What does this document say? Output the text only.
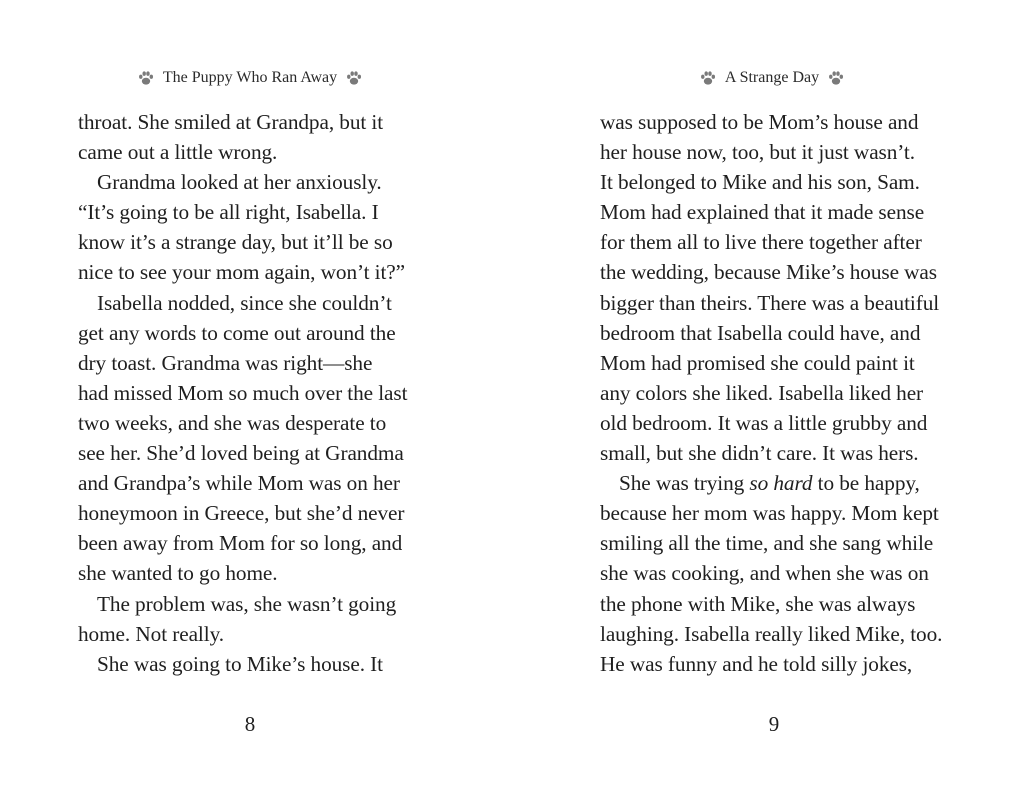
The Puppy Who Ran Away
throat. She smiled at Grandpa, but it
came out a little wrong.
Grandma looked at her anxiously.
“It’s going to be all right, Isabella. I
know it’s a strange day, but it’ll be so
nice to see your mom again, won’t it?”
Isabella nodded, since she couldn’t
get any words to come out around the
dry toast. Grandma was right—she
had missed Mom so much over the last
two weeks, and she was desperate to
see her. She’d loved being at Grandma
and Grandpa’s while Mom was on her
honeymoon in Greece, but she’d never
been away from Mom for so long, and
she wanted to go home.
The problem was, she wasn’t going
home. Not really.
She was going to Mike’s house. It
8
A Strange Day
was supposed to be Mom’s house and
her house now, too, but it just wasn’t.
It belonged to Mike and his son, Sam.
Mom had explained that it made sense
for them all to live there together after
the wedding, because Mike’s house was
bigger than theirs. There was a beautiful
bedroom that Isabella could have, and
Mom had promised she could paint it
any colors she liked. Isabella liked her
old bedroom. It was a little grubby and
small, but she didn’t care. It was hers.
She was trying so hard to be happy,
because her mom was happy. Mom kept
smiling all the time, and she sang while
she was cooking, and when she was on
the phone with Mike, she was always
laughing. Isabella really liked Mike, too.
He was funny and he told silly jokes,
9
